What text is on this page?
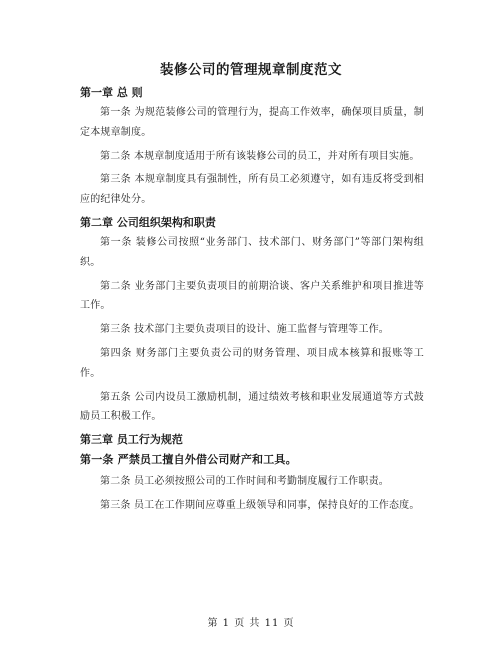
装修公司的管理规章制度范文
第一章 总 则

第一条 为规范装修公司的管理行为，提高工作效率，确保项目质量，制定本规章制度。

第二条 本规章制度适用于所有该装修公司的员工，并对所有项目实施。

第三条 本规章制度具有强制性，所有员工必须遵守，如有违反将受到相应的纪律处分。

第二章 公司组织架构和职责

第一条 装修公司按照“业务部门、技术部门、财务部门”等部门架构组织。

第二条 业务部门主要负责项目的前期洽谈、客户关系维护和项目推进等工作。

第三条 技术部门主要负责项目的设计、施工监督与管理等工作。

第四条 财务部门主要负责公司的财务管理、项目成本核算和报账等工作。

第五条 公司内设员工激励机制，通过绩效考核和职业发展通道等方式鼓励员工积极工作。

第三章 员工行为规范

第一条 严禁员工擅自外借公司财产和工具。

第二条 员工必须按照公司的工作时间和考勤制度履行工作职责。

第三条 员工在工作期间应尊重上级领导和同事，保持良好的工作态度。

第 1 页 共 11 页
